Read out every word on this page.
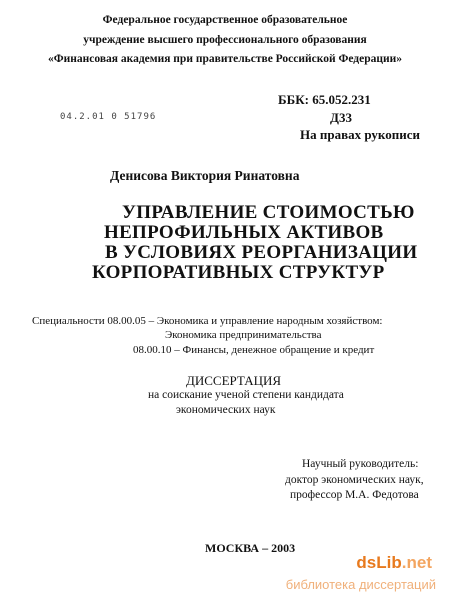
Федеральное государственное образовательное
учреждение высшего профессионального образования
«Финансовая академия при правительстве Российской Федерации»
ББК: 65.052.231
Д33
На правах рукописи
04.2.01 0 51796
Денисова Виктория Ринатовна
УПРАВЛЕНИЕ СТОИМОСТЬЮ
НЕПРОФИЛЬНЫХ АКТИВОВ
В УСЛОВИЯХ РЕОРГАНИЗАЦИИ
КОРПОРАТИВНЫХ СТРУКТУР
Специальности 08.00.05 – Экономика и управление народным хозяйством:
Экономика предпринимательства
08.00.10 – Финансы, денежное обращение и кредит
ДИССЕРТАЦИЯ
на соискание ученой степени кандидата
экономических наук
Научный руководитель:
доктор экономических наук,
профессор М.А. Федотова
МОСКВА – 2003
dsLib.net
библиотека диссертаций
